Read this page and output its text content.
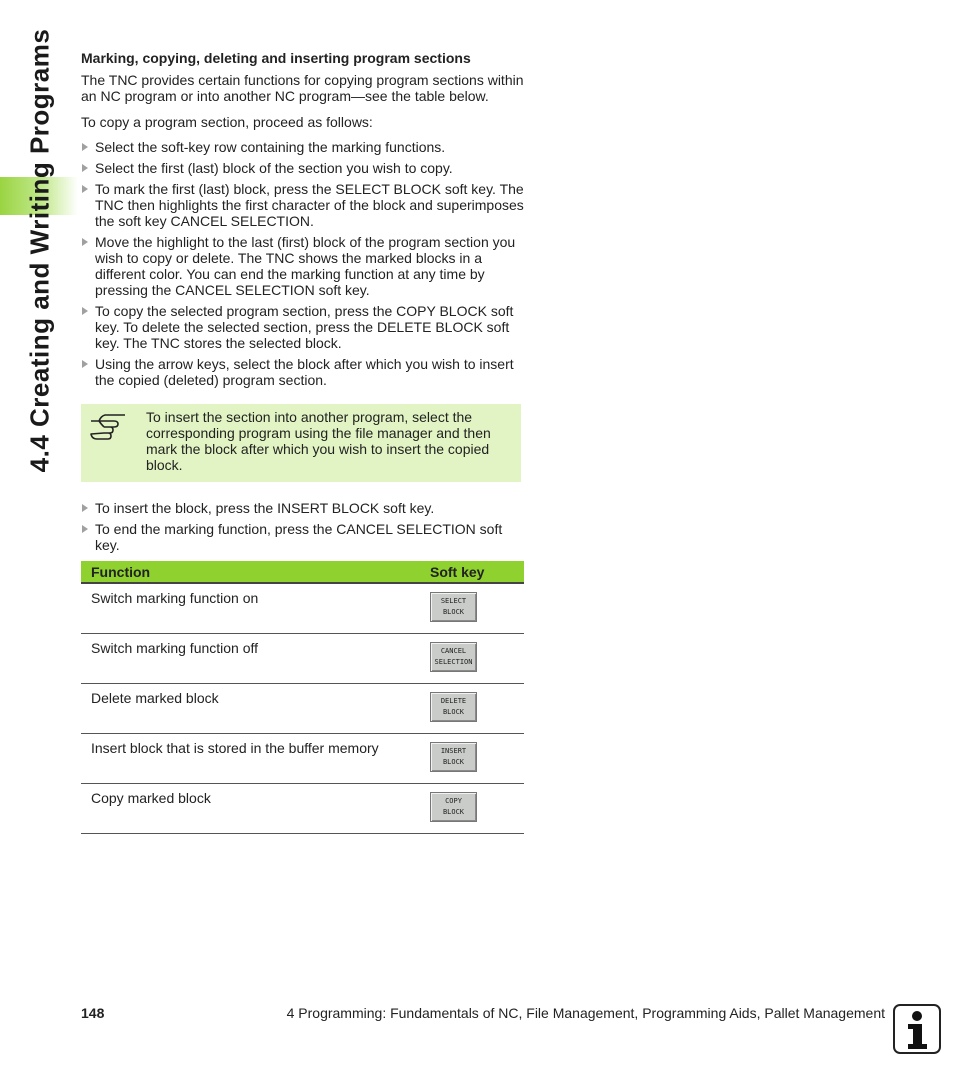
4.4 Creating and Writing Programs Marking, copying, deleting and inserting program sections

The TNC provides certain functions for copying program sections within an NC program or into another NC program—see the table below.

To copy a program section, proceed as follows:

Select the soft-key row containing the marking functions.
Select the first (last) block of the section you wish to copy.
To mark the first (last) block, press the SELECT BLOCK soft key. The TNC then highlights the first character of the block and superimposes the soft key CANCEL SELECTION.
Move the highlight to the last (first) block of the program section you wish to copy or delete. The TNC shows the marked blocks in a different color. You can end the marking function at any time by pressing the CANCEL SELECTION soft key.
To copy the selected program section, press the COPY BLOCK soft key. To delete the selected section, press the DELETE BLOCK soft key. The TNC stores the selected block.
Using the arrow keys, select the block after which you wish to insert the copied (deleted) program section.
To insert the section into another program, select the corresponding program using the file manager and then mark the block after which you wish to insert the copied block.
To insert the block, press the INSERT BLOCK soft key.
To end the marking function, press the CANCEL SELECTION soft key.
Function	Soft key
Switch marking function on	SELECT
BLOCK

Switch marking function off	CANCEL
SELECTION

Delete marked block	DELETE
BLOCK

Insert block that is stored in the buffer memory	INSERT
BLOCK

Copy marked block	COPY
BLOCK
148	4 Programming: Fundamentals of NC, File Management, Programming Aids, Pallet Management
